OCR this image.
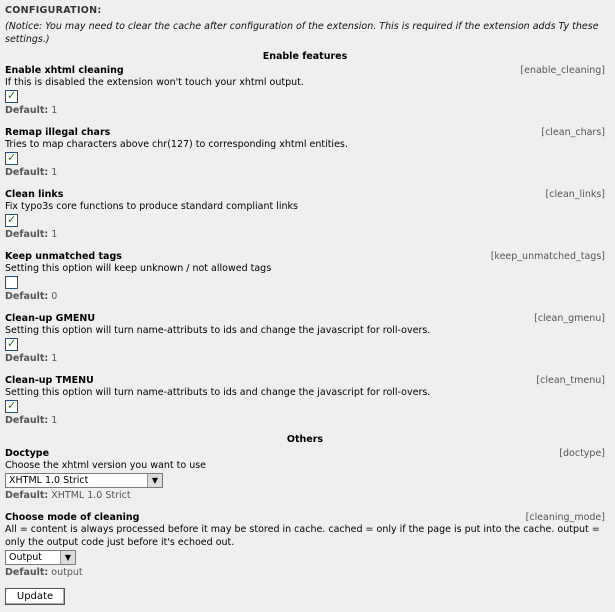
CONFIGURATION:
(Notice: You may need to clear the cache after configuration of the extension. This is required if the extension adds Ty these settings.)
Enable features
Enable xhtml cleaning	[enable_cleaning]
If this is disabled the extension won't touch your xhtml output.
✓
Default: 1
Remap illegal chars	[clean_chars]
Tries to map characters above chr(127) to corresponding xhtml entities.
✓
Default: 1
Clean links	[clean_links]
Fix typo3s core functions to produce standard compliant links
✓
Default: 1
Keep unmatched tags	[keep_unmatched_tags]
Setting this option will keep unknown / not allowed tags
Default: 0
Clean-up GMENU	[clean_gmenu]
Setting this option will turn name-attributs to ids and change the javascript for roll-overs.
✓
Default: 1
Clean-up TMENU	[clean_tmenu]
Setting this option will turn name-attributs to ids and change the javascript for roll-overs.
✓
Default: 1
Others
Doctype	[doctype]
Choose the xhtml version you want to use
XHTML 1.0 Strict	▼
Default: XHTML 1.0 Strict
Choose mode of cleaning	[cleaning_mode]
All = content is always processed before it may be stored in cache. cached = only if the page is put into the cache. output = only the output code just before it's echoed out.
Output	▼
Default: output
Update
